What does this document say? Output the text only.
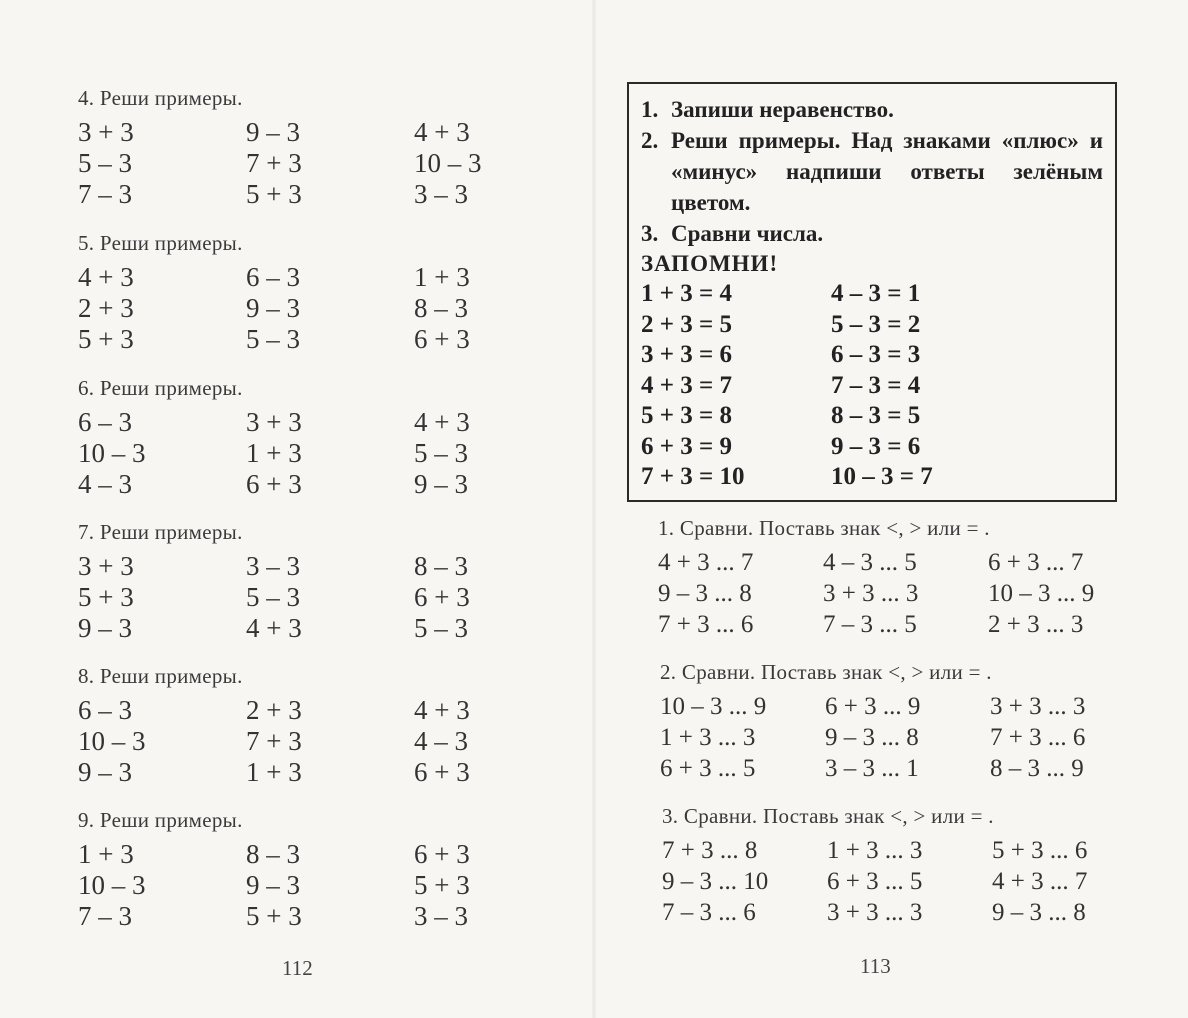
4. Реши примеры.
3 + 3	9 – 3	4 + 3
5 – 3	7 + 3	10 – 3
7 – 3	5 + 3	3 – 3
5. Реши примеры.
4 + 3	6 – 3	1 + 3
2 + 3	9 – 3	8 – 3
5 + 3	5 – 3	6 + 3
6. Реши примеры.
6 – 3	3 + 3	4 + 3
10 – 3	1 + 3	5 – 3
4 – 3	6 + 3	9 – 3
7. Реши примеры.
3 + 3	3 – 3	8 – 3
5 + 3	5 – 3	6 + 3
9 – 3	4 + 3	5 – 3
8. Реши примеры.
6 – 3	2 + 3	4 + 3
10 – 3	7 + 3	4 – 3
9 – 3	1 + 3	6 + 3
9. Реши примеры.
1 + 3	8 – 3	6 + 3
10 – 3	9 – 3	5 + 3
7 – 3	5 + 3	3 – 3
112
1. Запиши неравенство.
2. Реши примеры. Над знаками «плюс» и «минус» надпиши ответы зелёным цветом.
3. Сравни числа.
ЗАПОМНИ!
1 + 3 = 4	4 – 3 = 1
2 + 3 = 5	5 – 3 = 2
3 + 3 = 6	6 – 3 = 3
4 + 3 = 7	7 – 3 = 4
5 + 3 = 8	8 – 3 = 5
6 + 3 = 9	9 – 3 = 6
7 + 3 = 10	10 – 3 = 7
1. Сравни. Поставь знак <, > или = .
4 + 3 ... 7	4 – 3 ... 5	6 + 3 ... 7
9 – 3 ... 8	3 + 3 ... 3	10 – 3 ... 9
7 + 3 ... 6	7 – 3 ... 5	2 + 3 ... 3
2. Сравни. Поставь знак <, > или = .
10 – 3 ... 9	6 + 3 ... 9	3 + 3 ... 3
1 + 3 ... 3	9 – 3 ... 8	7 + 3 ... 6
6 + 3 ... 5	3 – 3 ... 1	8 – 3 ... 9
3. Сравни. Поставь знак <, > или = .
7 + 3 ... 8	1 + 3 ... 3	5 + 3 ... 6
9 – 3 ... 10	6 + 3 ... 5	4 + 3 ... 7
7 – 3 ... 6	3 + 3 ... 3	9 – 3 ... 8
113
